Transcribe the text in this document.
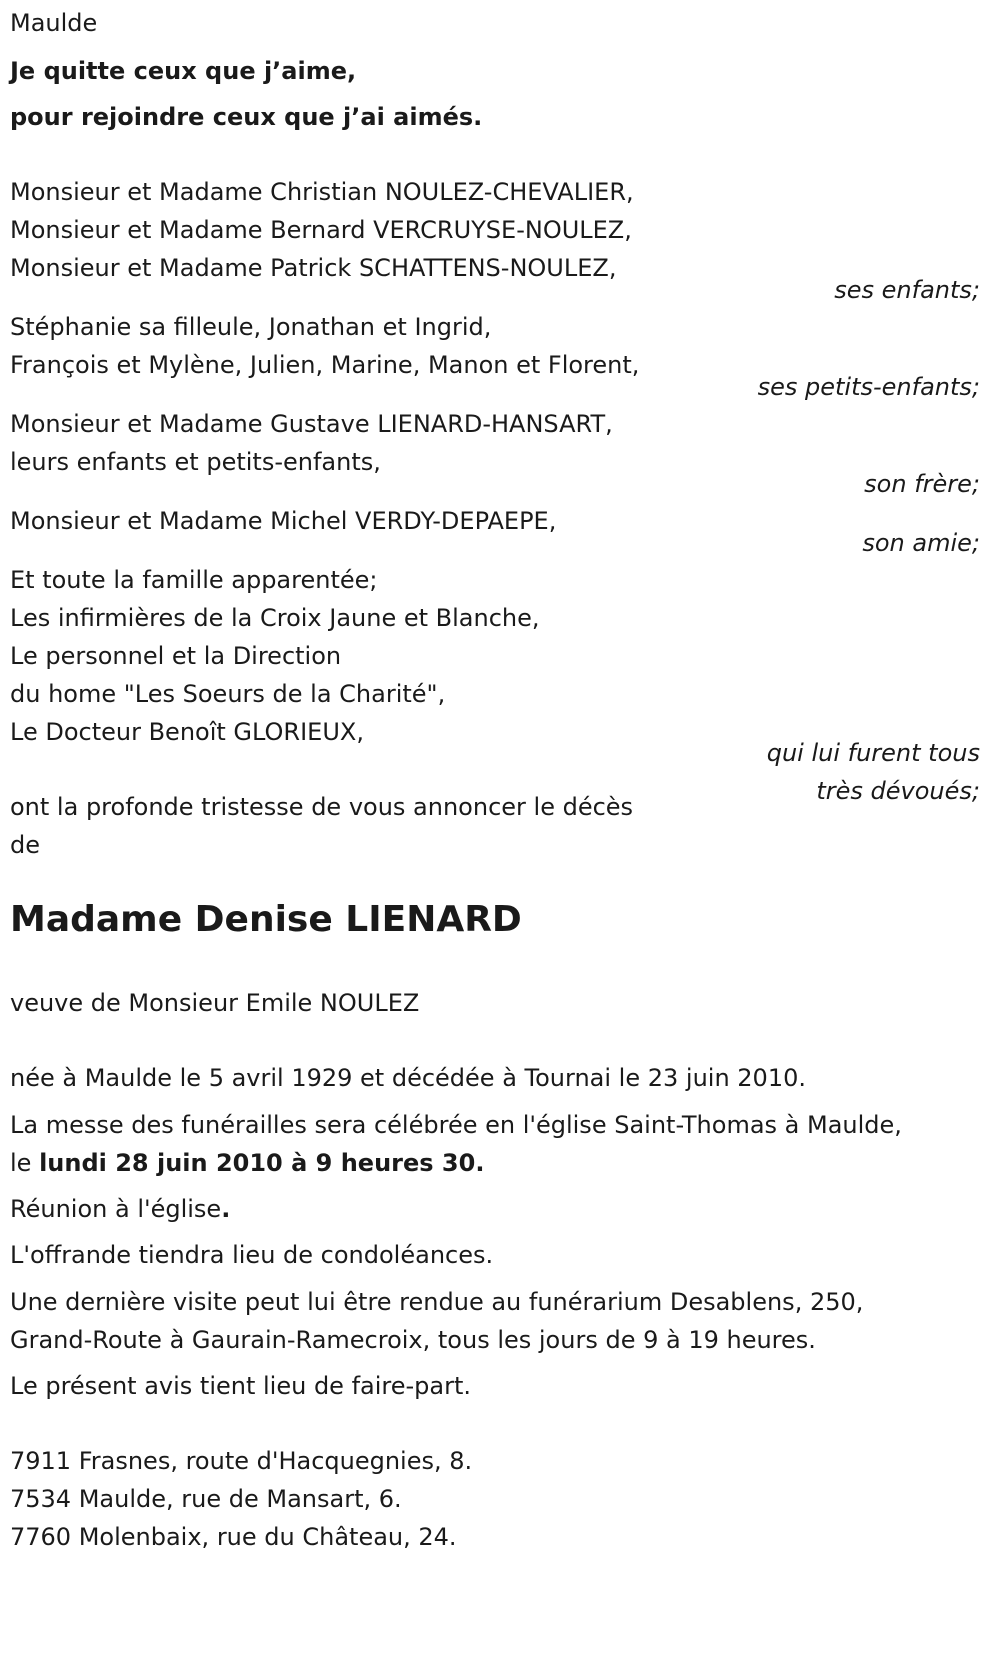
Maulde
Je quitte ceux que j’aime,
pour rejoindre ceux que j’ai aimés.
Monsieur et Madame Christian NOULEZ-CHEVALIER,
Monsieur et Madame Bernard VERCRUYSE-NOULEZ,
Monsieur et Madame Patrick SCHATTENS-NOULEZ,
ses enfants;
Stéphanie sa filleule, Jonathan et Ingrid,
François et Mylène, Julien, Marine, Manon et Florent,
ses petits-enfants;
Monsieur et Madame Gustave LIENARD-HANSART,
leurs enfants et petits-enfants,
son frère;
Monsieur et Madame Michel VERDY-DEPAEPE,
son amie;
Et toute la famille apparentée;
Les infirmières de la Croix Jaune et Blanche,
Le personnel et la Direction
du home "Les Soeurs de la Charité",
Le Docteur Benoît GLORIEUX,
qui lui furent tous
très dévoués;
ont la profonde tristesse de vous annoncer le décès
de
Madame Denise LIENARD
veuve de Monsieur Emile NOULEZ
née à Maulde le 5 avril 1929 et décédée à Tournai le 23 juin 2010.
La messe des funérailles sera célébrée en l'église Saint-Thomas à Maulde,
le lundi 28 juin 2010 à 9 heures 30.
Réunion à l'église.
L'offrande tiendra lieu de condoléances.
Une dernière visite peut lui être rendue au funérarium Desablens, 250,
Grand-Route à Gaurain-Ramecroix, tous les jours de 9 à 19 heures.
Le présent avis tient lieu de faire-part.
7911 Frasnes, route d'Hacquegnies, 8.
7534 Maulde, rue de Mansart, 6.
7760 Molenbaix, rue du Château, 24.
